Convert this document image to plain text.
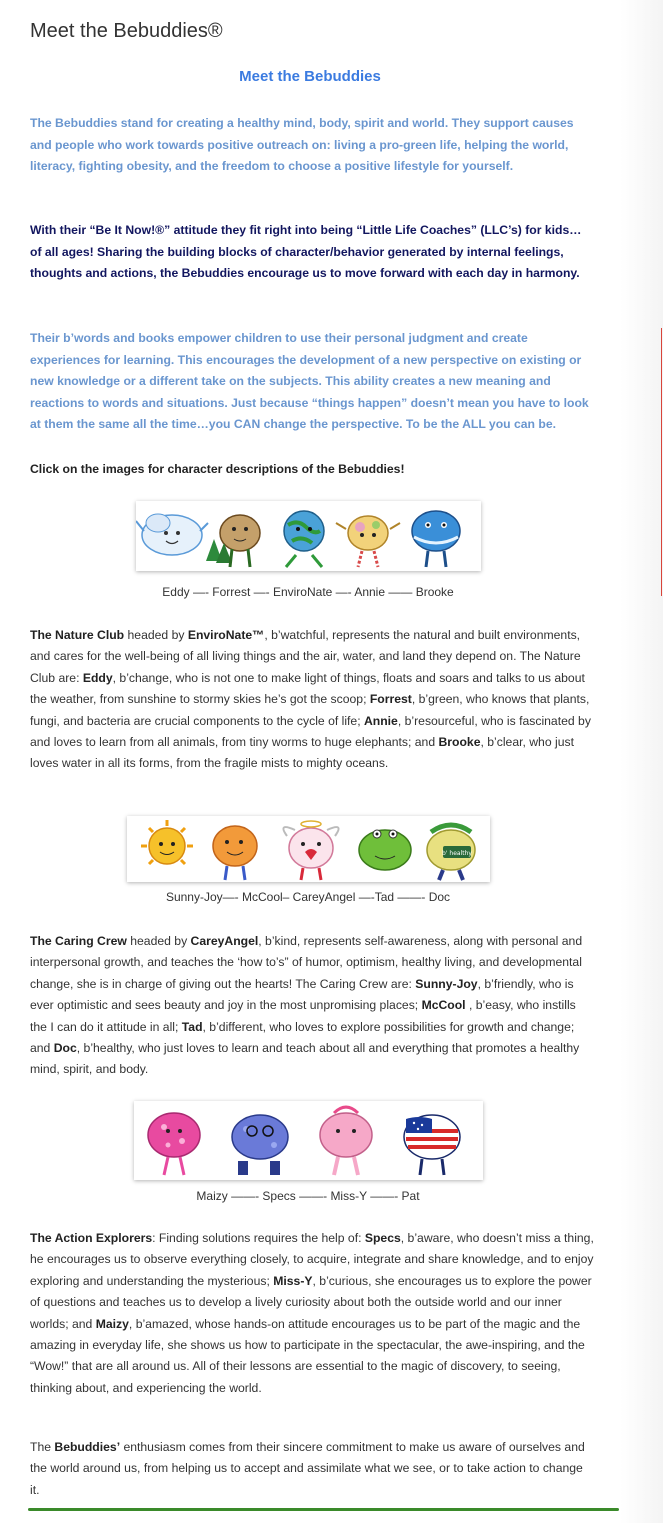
Meet the Bebuddies®
Meet the Bebuddies
The Bebuddies stand for creating a healthy mind, body, spirit and world. They support causes and people who work towards positive outreach on: living a pro-green life, helping the world, literacy, fighting obesity, and the freedom to choose a positive lifestyle for yourself.
With their “Be It Now!®” attitude they fit right into being “Little Life Coaches” (LLC’s) for kids… of all ages! Sharing the building blocks of character/behavior generated by internal feelings, thoughts and actions, the Bebuddies encourage us to move forward with each day in harmony.
Their b’words and books empower children to use their personal judgment and create experiences for learning. This encourages the development of a new perspective on existing or new knowledge or a different take on the subjects. This ability creates a new meaning and reactions to words and situations. Just because “things happen” doesn’t mean you have to look at them the same all the time…you CAN change the perspective. To be the ALL you can be.
Click on the images for character descriptions of the Bebuddies!
Eddy —- Forrest —- EnviroNate —- Annie —— Brooke
The Nature Club headed by EnviroNate™, b’watchful, represents the natural and built environments, and cares for the well-being of all living things and the air, water, and land they depend on. The Nature Club are: Eddy, b’change, who is not one to make light of things, floats and soars and talks to us about the weather, from sunshine to stormy skies he’s got the scoop; Forrest, b’green, who knows that plants, fungi, and bacteria are crucial components to the cycle of life; Annie, b’resourceful, who is fascinated by and loves to learn from all animals, from tiny worms to huge elephants; and Brooke, b’clear, who just loves water in all its forms, from the fragile mists to mighty oceans.
b' healthy
Sunny-Joy—- McCool– CareyAngel —-Tad ——- Doc
The Caring Crew headed by CareyAngel, b’kind, represents self-awareness, along with personal and interpersonal growth, and teaches the ‘how to’s” of humor, optimism, healthy living, and developmental change, she is in charge of giving out the hearts! The Caring Crew are: Sunny-Joy, b’friendly, who is ever optimistic and sees beauty and joy in the most unpromising places; McCool , b’easy, who instills the I can do it attitude in all; Tad, b’different, who loves to explore possibilities for growth and change; and Doc, b’healthy, who just loves to learn and teach about all and everything that promotes a healthy mind, spirit, and body.
Maizy ——- Specs ——- Miss-Y ——- Pat
The Action Explorers: Finding solutions requires the help of: Specs, b’aware, who doesn’t miss a thing, he encourages us to observe everything closely, to acquire, integrate and share knowledge, and to enjoy exploring and understanding the mysterious; Miss-Y, b’curious, she encourages us to explore the power of questions and teaches us to develop a lively curiosity about both the outside world and our inner worlds; and Maizy, b’amazed, whose hands-on attitude encourages us to be part of the magic and the amazing in everyday life, she shows us how to participate in the spectacular, the awe-inspiring, and the “Wow!” that are all around us. All of their lessons are essential to the magic of discovery, to seeing, thinking about, and experiencing the world.
The Bebuddies’ enthusiasm comes from their sincere commitment to make us aware of ourselves and the world around us, from helping us to accept and assimilate what we see, or to take action to change it.
